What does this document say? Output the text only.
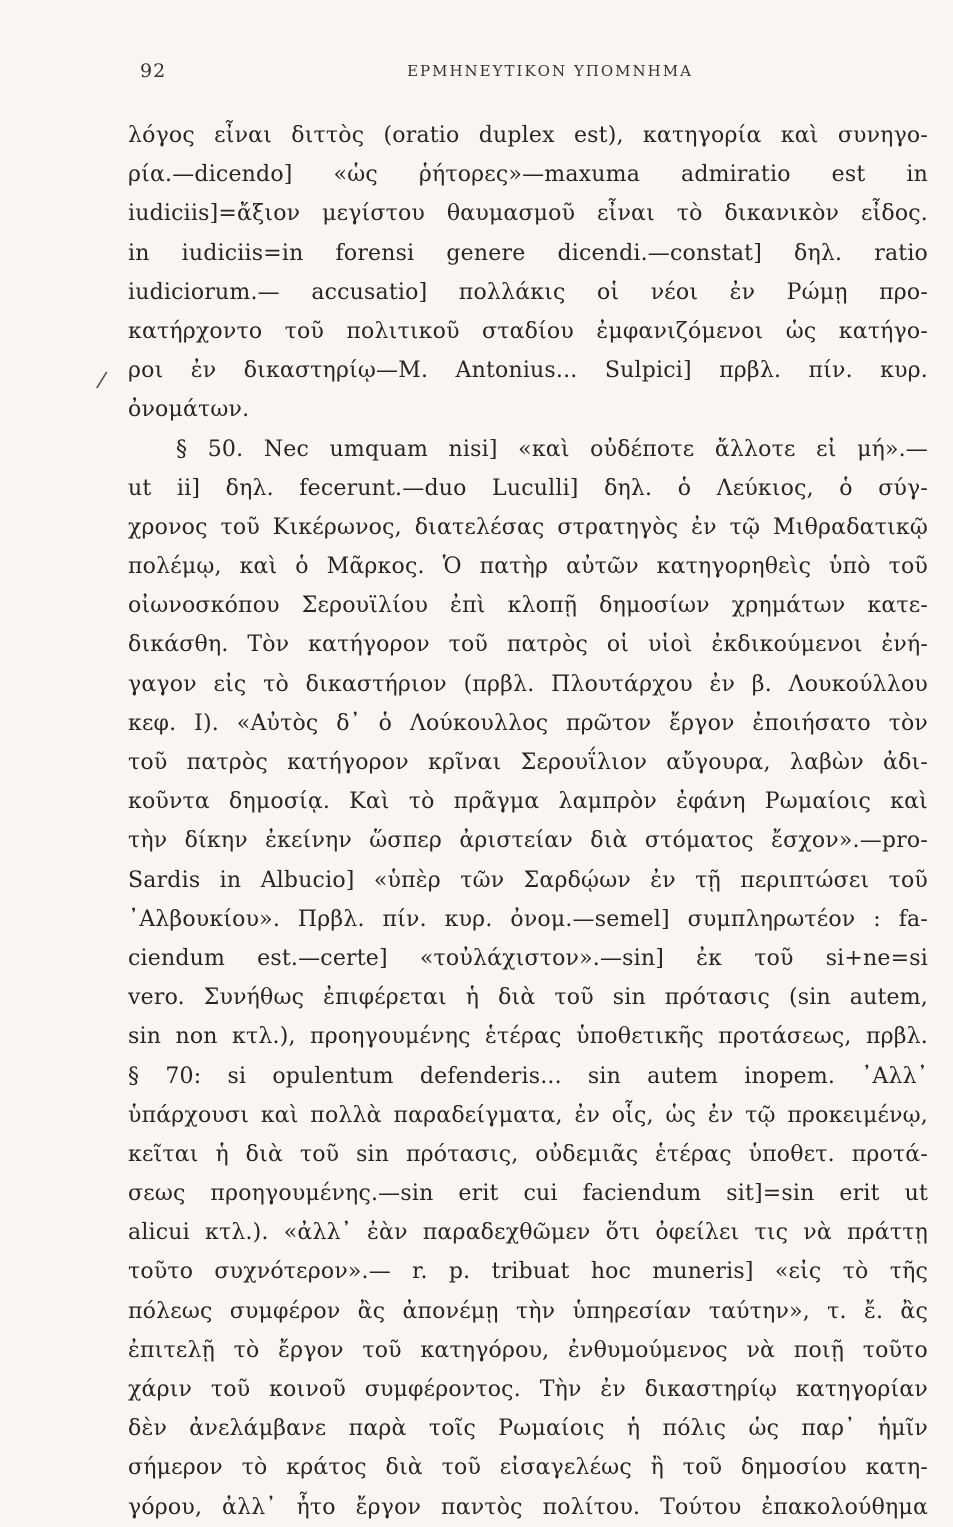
92	ΕΡΜΗΝΕΥΤΙΚΟΝ ΥΠΟΜΝΗΜΑ
/
λόγος εἶναι διττὸς (oratio duplex est), κατηγορία καὶ συνηγο-
ρία.—dicendo] «ὡς ῥήτορες»—maxuma admiratio est in
iudiciis]=ἄξιον μεγίστου θαυμασμοῦ εἶναι τὸ δικανικὸν εἶδος.
in iudiciis=in forensi genere dicendi.—constat] δηλ. ratio
iudiciorum.— accusatio] πολλάκις οἱ νέοι ἐν Ρώμῃ προ-
κατήρχοντο τοῦ πολιτικοῦ σταδίου ἐμφανιζόμενοι ὡς κατήγο-
ροι ἐν δικαστηρίῳ—M. Antonius... Sulpici] πρβλ. πίν. κυρ.
ὀνομάτων.
§ 50. Nec umquam nisi] «καὶ οὐδέποτε ἄλλοτε εἰ μή».—
ut ii] δηλ. fecerunt.—duo Luculli] δηλ. ὁ Λεύκιος, ὁ σύγ-
χρονος τοῦ Κικέρωνος, διατελέσας στρατηγὸς ἐν τῷ Μιθραδατικῷ
πολέμῳ, καὶ ὁ Μᾶρκος. Ὁ πατὴρ αὐτῶν κατηγορηθεὶς ὑπὸ τοῦ
οἰωνοσκόπου Σερουϊλίου ἐπὶ κλοπῇ δημοσίων χρημάτων κατε-
δικάσθη. Τὸν κατήγορον τοῦ πατρὸς οἱ υἱοὶ ἐκδικούμενοι ἐνή-
γαγον εἰς τὸ δικαστήριον (πρβλ. Πλουτάρχου ἐν β. Λουκούλλου
κεφ. I). «Αὐτὸς δ᾽ ὁ Λούκουλλος πρῶτον ἔργον ἐποιήσατο τὸν
τοῦ πατρὸς κατήγορον κρῖναι Σερουΐλιον αὔγουρα, λαβὼν ἀδι-
κοῦντα δημοσίᾳ. Καὶ τὸ πρᾶγμα λαμπρὸν ἐφάνη Ρωμαίοις καὶ
τὴν δίκην ἐκείνην ὥσπερ ἀριστείαν διὰ στόματος ἔσχον».—pro-
Sardis in Albucio] «ὑπὲρ τῶν Σαρδῴων ἐν τῇ περιπτώσει τοῦ
᾽Αλβουκίου». Πρβλ. πίν. κυρ. ὀνομ.—semel] συμπληρωτέον : fa-
ciendum est.—certe] «τοὐλάχιστον».—sin] ἐκ τοῦ si+ne=si
vero. Συνήθως ἐπιφέρεται ἡ διὰ τοῦ sin πρότασις (sin autem,
sin non κτλ.), προηγουμένης ἑτέρας ὑποθετικῆς προτάσεως, πρβλ.
§ 70: si opulentum defenderis... sin autem inopem. ᾽Αλλ᾽
ὑπάρχουσι καὶ πολλὰ παραδείγματα, ἐν οἷς, ὡς ἐν τῷ προκειμένῳ,
κεῖται ἡ διὰ τοῦ sin πρότασις, οὐδεμιᾶς ἑτέρας ὑποθετ. προτά-
σεως προηγουμένης.—sin erit cui faciendum sit]=sin erit ut
alicui κτλ.). «ἀλλ᾽ ἐὰν παραδεχθῶμεν ὅτι ὀφείλει τις νὰ πράττῃ
τοῦτο συχνότερον».— r. p. tribuat hoc muneris] «εἰς τὸ τῆς
πόλεως συμφέρον ἂς ἀπονέμῃ τὴν ὑπηρεσίαν ταύτην», τ. ἔ. ἂς
ἐπιτελῇ τὸ ἔργον τοῦ κατηγόρου, ἐνθυμούμενος νὰ ποιῇ τοῦτο
χάριν τοῦ κοινοῦ συμφέροντος. Τὴν ἐν δικαστηρίῳ κατηγορίαν
δὲν ἀνελάμβανε παρὰ τοῖς Ρωμαίοις ἡ πόλις ὡς παρ᾽ ἡμῖν
σήμερον τὸ κράτος διὰ τοῦ εἰσαγελέως ἢ τοῦ δημοσίου κατη-
γόρου, ἀλλ᾽ ἦτο ἔργον παντὸς πολίτου. Τούτου ἐπακολούθημα
